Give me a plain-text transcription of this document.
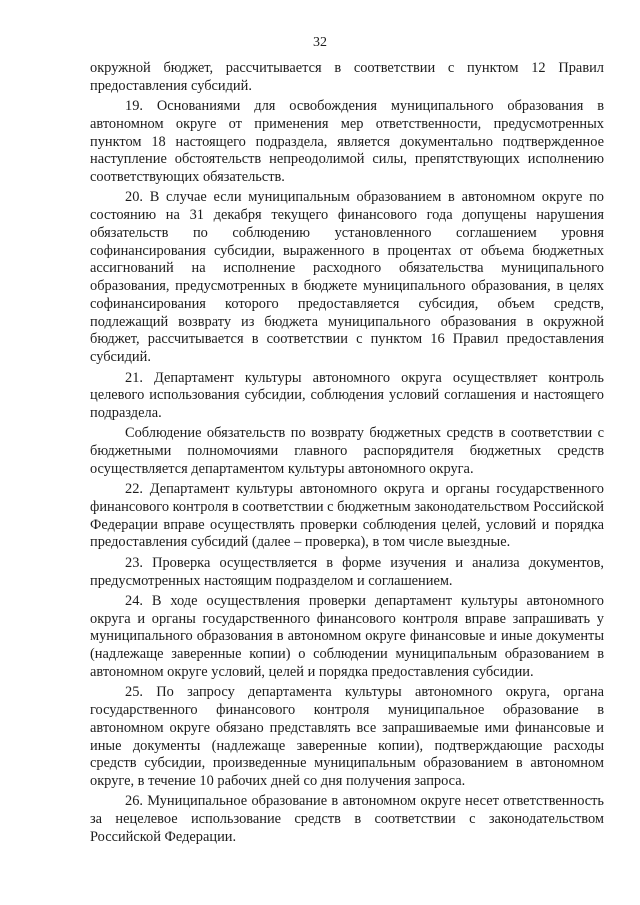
32

окружной бюджет, рассчитывается в соответствии с пунктом 12 Правил предоставления субсидий.

19. Основаниями для освобождения муниципального образования в автономном округе от применения мер ответственности, предусмотренных пунктом 18 настоящего подраздела, является документально подтвержденное наступление обстоятельств непреодолимой силы, препятствующих исполнению соответствующих обязательств.

20. В случае если муниципальным образованием в автономном округе по состоянию на 31 декабря текущего финансового года допущены нарушения обязательств по соблюдению установленного соглашением уровня софинансирования субсидии, выраженного в процентах от объема бюджетных ассигнований на исполнение расходного обязательства муниципального образования, предусмотренных в бюджете муниципального образования, в целях софинансирования которого предоставляется субсидия, объем средств, подлежащий возврату из бюджета муниципального образования в окружной бюджет, рассчитывается в соответствии с пунктом 16 Правил предоставления субсидий.

21. Департамент культуры автономного округа осуществляет контроль целевого использования субсидии, соблюдения условий соглашения и настоящего подраздела.

Соблюдение обязательств по возврату бюджетных средств в соответствии с бюджетными полномочиями главного распорядителя бюджетных средств осуществляется департаментом культуры автономного округа.

22. Департамент культуры автономного округа и органы государственного финансового контроля в соответствии с бюджетным законодательством Российской Федерации вправе осуществлять проверки соблюдения целей, условий и порядка предоставления субсидий (далее – проверка), в том числе выездные.

23. Проверка осуществляется в форме изучения и анализа документов, предусмотренных настоящим подразделом и соглашением.

24. В ходе осуществления проверки департамент культуры автономного округа и органы государственного финансового контроля вправе запрашивать у муниципального образования в автономном округе финансовые и иные документы (надлежаще заверенные копии) о соблюдении муниципальным образованием в автономном округе условий, целей и порядка предоставления субсидии.

25. По запросу департамента культуры автономного округа, органа государственного финансового контроля муниципальное образование в автономном округе обязано представлять все запрашиваемые ими финансовые и иные документы (надлежаще заверенные копии), подтверждающие расходы средств субсидии, произведенные муниципальным образованием в автономном округе, в течение 10 рабочих дней со дня получения запроса.

26. Муниципальное образование в автономном округе несет ответственность за нецелевое использование средств в соответствии с законодательством Российской Федерации.
